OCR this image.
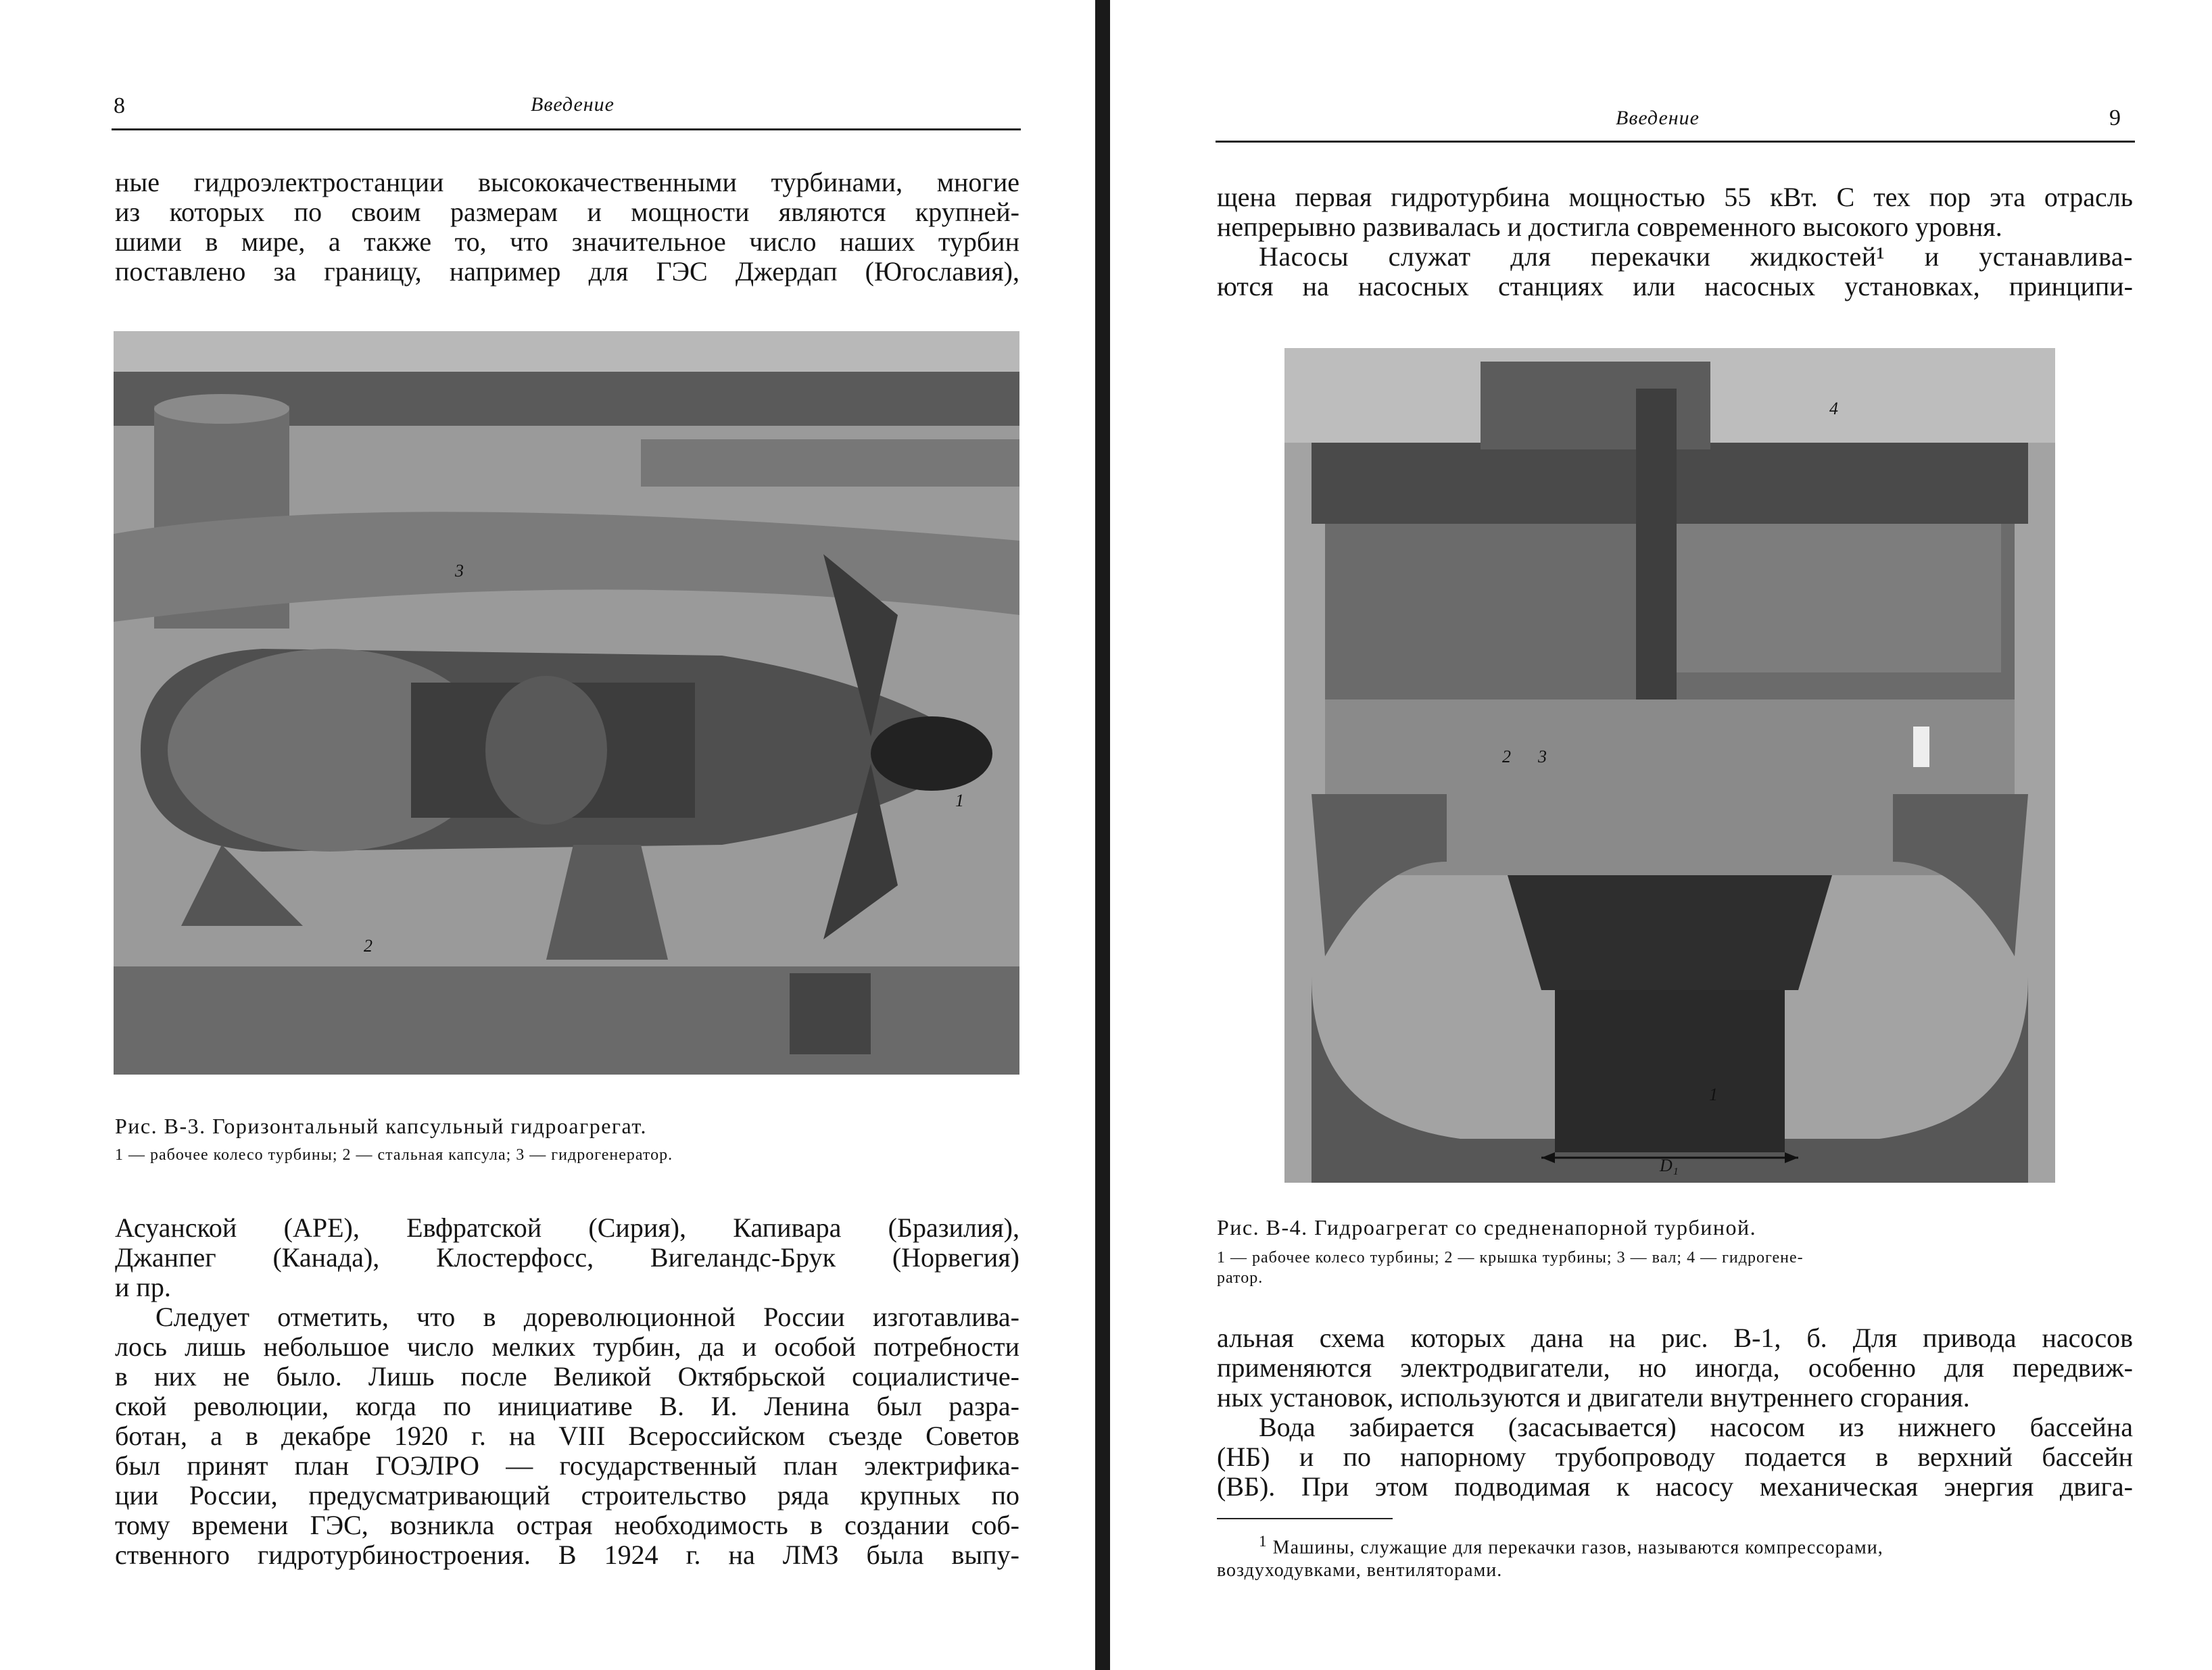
8	Введение
ные гидроэлектростанции высококачественными турбинами, многие
из которых по своим размерам и мощности являются крупней-
шими в мире, а также то, что значительное число наших турбин
поставлено за границу, например для ГЭС Джердап (Югославия),
3
1
2
Рис. В-3. Горизонтальный капсульный гидроагрегат.
1 — рабочее колесо турбины; 2 — стальная капсула; 3 — гидрогенератор.
Асуанской (АРЕ), Евфратской (Сирия), Капивара (Бразилия),
Джанпег (Канада), Клостерфосс, Вигеландс-Брук (Норвегия)
и пр.
Следует отметить, что в дореволюционной России изготавлива-
лось лишь небольшое число мелких турбин, да и особой потребности
в них не было. Лишь после Великой Октябрьской социалистиче-
ской революции, когда по инициативе В. И. Ленина был разра-
ботан, а в декабре 1920 г. на VIII Всероссийском съезде Советов
был принят план ГОЭЛРО — государственный план электрифика-
ции России, предусматривающий строительство ряда крупных по
тому времени ГЭС, возникла острая необходимость в создании соб-
ственного гидротурбиностроения. В 1924 г. на ЛМЗ была выпу-
Введение	9
щена первая гидротурбина мощностью 55 кВт. С тех пор эта отрасль
непрерывно развивалась и достигла современного высокого уровня.
Насосы служат для перекачки жидкостей¹ и устанавлива-
ются на насосных станциях или насосных установках, принципи-
4
2 3
1
D₁
Рис. В-4. Гидроагрегат со средненапорной турбиной.
1 — рабочее колесо турбины; 2 — крышка турбины; 3 — вал; 4 — гидрогене-
ратор.
альная схема которых дана на рис. В-1, б. Для привода насосов
применяются электродвигатели, но иногда, особенно для передвиж-
ных установок, используются и двигатели внутреннего сгорания.
Вода забирается (засасывается) насосом из нижнего бассейна
(НБ) и по напорному трубопроводу подается в верхний бассейн
(ВБ). При этом подводимая к насосу механическая энергия двига-
$^1$ Машины, служащие для перекачки газов, называются компрессорами,
воздуходувками, вентиляторами.
